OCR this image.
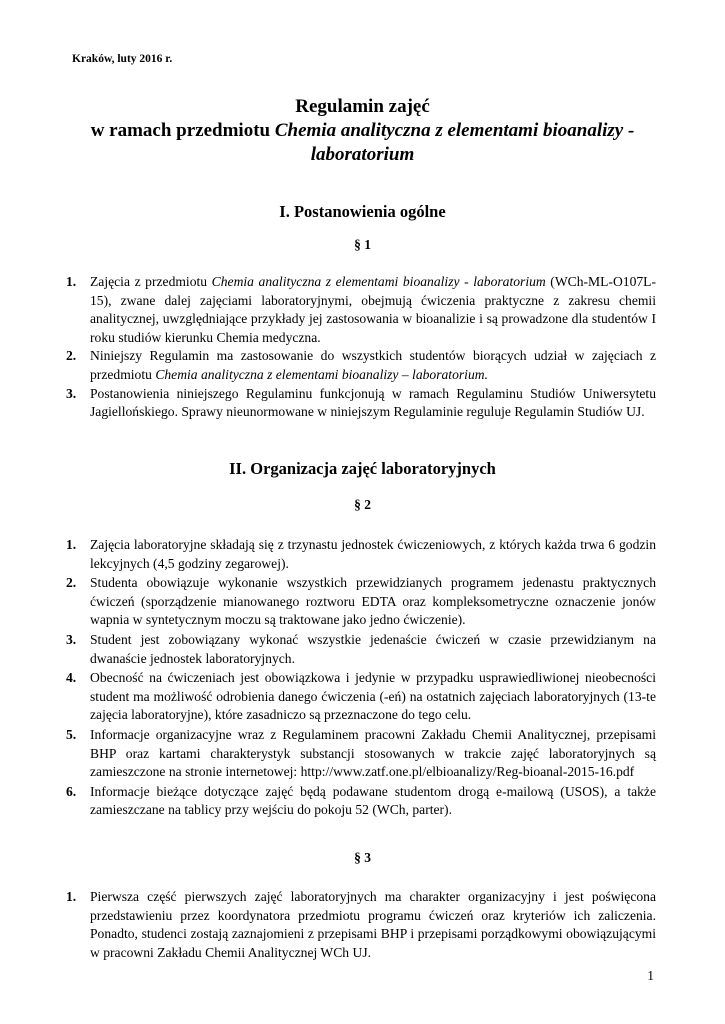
Kraków, luty 2016 r.
Regulamin zajęć
w ramach przedmiotu Chemia analityczna z elementami bioanalizy -
laboratorium
I. Postanowienia ogólne
§ 1
1. Zajęcia z przedmiotu Chemia analityczna z elementami bioanalizy - laboratorium (WCh-ML-O107L-15), zwane dalej zajęciami laboratoryjnymi, obejmują ćwiczenia praktyczne z zakresu chemii analitycznej, uwzględniające przykłady jej zastosowania w bioanalizie i są prowadzone dla studentów I roku studiów kierunku Chemia medyczna.
2. Niniejszy Regulamin ma zastosowanie do wszystkich studentów biorących udział w zajęciach z przedmiotu Chemia analityczna z elementami bioanalizy – laboratorium.
3. Postanowienia niniejszego Regulaminu funkcjonują w ramach Regulaminu Studiów Uniwersytetu Jagiellońskiego. Sprawy nieunormowane w niniejszym Regulaminie reguluje Regulamin Studiów UJ.
II. Organizacja zajęć laboratoryjnych
§ 2
1. Zajęcia laboratoryjne składają się z trzynastu jednostek ćwiczeniowych, z których każda trwa 6 godzin lekcyjnych (4,5 godziny zegarowej).
2. Studenta obowiązuje wykonanie wszystkich przewidzianych programem jedenastu praktycznych ćwiczeń (sporządzenie mianowanego roztworu EDTA oraz kompleksometryczne oznaczenie jonów wapnia w syntetycznym moczu są traktowane jako jedno ćwiczenie).
3. Student jest zobowiązany wykonać wszystkie jedenaście ćwiczeń w czasie przewidzianym na dwanaście jednostek laboratoryjnych.
4. Obecność na ćwiczeniach jest obowiązkowa i jedynie w przypadku usprawiedliwionej nieobecności student ma możliwość odrobienia danego ćwiczenia (-eń) na ostatnich zajęciach laboratoryjnych (13-te zajęcia laboratoryjne), które zasadniczo są przeznaczone do tego celu.
5. Informacje organizacyjne wraz z Regulaminem pracowni Zakładu Chemii Analitycznej, przepisami BHP oraz kartami charakterystyk substancji stosowanych w trakcie zajęć laboratoryjnych są zamieszczone na stronie internetowej: http://www.zatf.one.pl/elbioanalizy/Reg-bioanal-2015-16.pdf
6. Informacje bieżące dotyczące zajęć będą podawane studentom drogą e-mailową (USOS), a także zamieszczane na tablicy przy wejściu do pokoju 52 (WCh, parter).
§ 3
1. Pierwsza część pierwszych zajęć laboratoryjnych ma charakter organizacyjny i jest poświęcona przedstawieniu przez koordynatora przedmiotu programu ćwiczeń oraz kryteriów ich zaliczenia. Ponadto, studenci zostają zaznajomieni z przepisami BHP i przepisami porządkowymi obowiązującymi w pracowni Zakładu Chemii Analitycznej WCh UJ.
1
